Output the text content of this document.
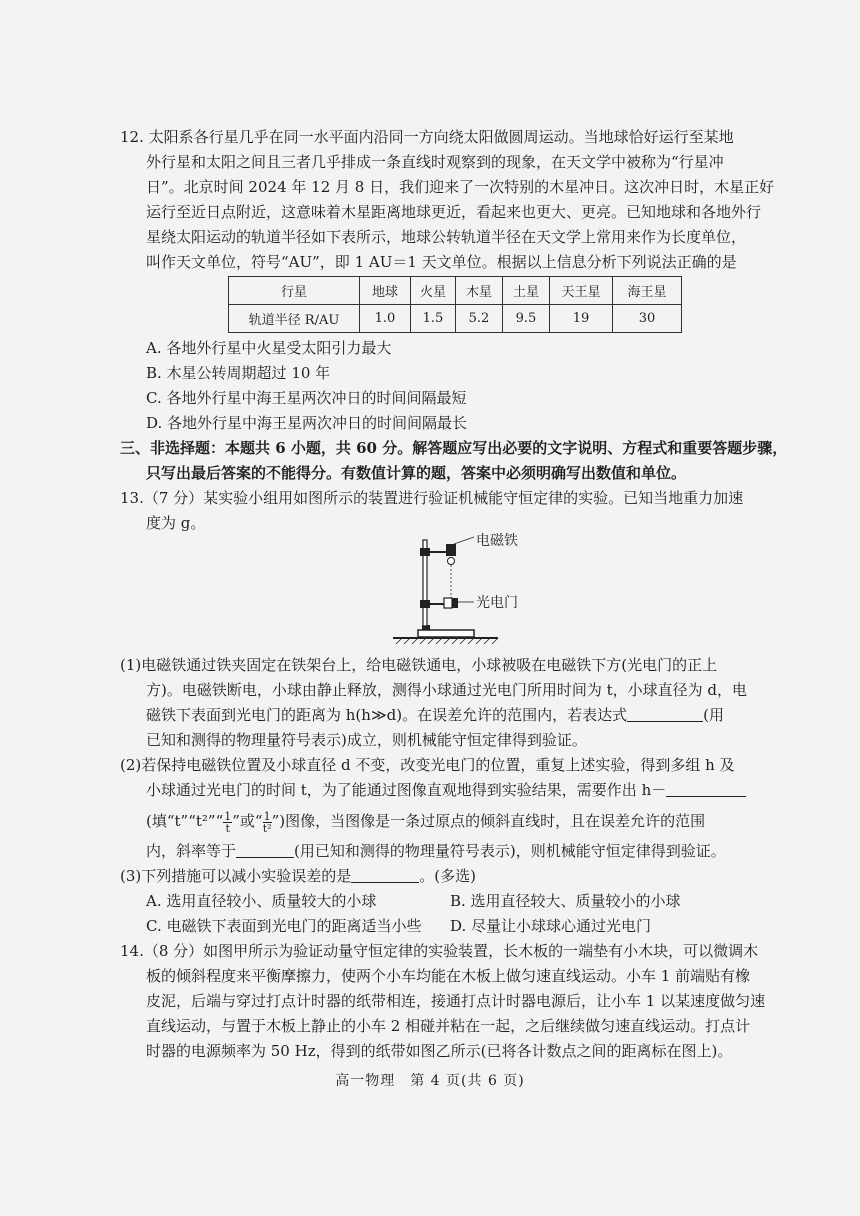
12. 太阳系各行星几乎在同一水平面内沿同一方向绕太阳做圆周运动。当地球恰好运行至某地

外行星和太阳之间且三者几乎排成一条直线时观察到的现象，在天文学中被称为“行星冲

日”。北京时间 2024 年 12 月 8 日，我们迎来了一次特别的木星冲日。这次冲日时，木星正好

运行至近日点附近，这意味着木星距离地球更近，看起来也更大、更亮。已知地球和各地外行

星绕太阳运动的轨道半径如下表所示，地球公转轨道半径在天文学上常用来作为长度单位，

行星	地球	火星	木星	土星	天王星	海王星
轨道半径 R/AU	1.0	1.5	5.2	9.5	19	30

A. 各地外行星中火星受太阳引力最大

B. 木星公转周期超过 10 年

C. 各地外行星中海王星两次冲日的时间间隔最短

D. 各地外行星中海王星两次冲日的时间间隔最长

三、非选择题：本题共 6 小题，共 60 分。解答题应写出必要的文字说明、方程式和重要答题步骤，

只写出最后答案的不能得分。有数值计算的题，答案中必须明确写出数值和单位。

13.（7 分）某实验小组用如图所示的装置进行验证机械能守恒定律的实验。已知当地重力加速

度为 g。

电磁铁
光电门

(1)电磁铁通过铁夹固定在铁架台上，给电磁铁通电，小球被吸在电磁铁下方(光电门的正上

方)。电磁铁断电，小球由静止释放，测得小球通过光电门所用时间为 t，小球直径为 d，电

磁铁下表面到光电门的距离为 h(h≫d)。在误差允许的范围内，若表达式	(用

已知和测得的物理量符号表示)成立，则机械能守恒定律得到验证。

(2)若保持电磁铁位置及小球直径 d 不变，改变光电门的位置，重复上述实验，得到多组 h 及

小球通过光电门的时间 t，为了能通过图像直观地得到实验结果，需要作出 h－

(填“t”“t²”“ $\frac{1}{t}$ ”或“ $\frac{1}{\text{t²}}$ ”)图像，当图像是一条过原点的倾斜直线时，且在误差允许的范围

内，斜率等于	(用已知和测得的物理量符号表示)，则机械能守恒定律得到验证。

(3)下列措施可以减小实验误差的是	。(多选)

A. 选用直径较小、质量较大的小球	B. 选用直径较大、质量较小的小球

C. 电磁铁下表面到光电门的距离适当小些 D. 尽量让小球球心通过光电门

14.（8 分）如图甲所示为验证动量守恒定律的实验装置，长木板的一端垫有小木块，可以微调木

板的倾斜程度来平衡摩擦力，使两个小车均能在木板上做匀速直线运动。小车 1 前端贴有橡

皮泥，后端与穿过打点计时器的纸带相连，接通打点计时器电源后，让小车 1 以某速度做匀速

直线运动，与置于木板上静止的小车 2 相碰并粘在一起，之后继续做匀速直线运动。打点计

时器的电源频率为 50 Hz，得到的纸带如图乙所示(已将各计数点之间的距离标在图上)。

高一物理　第 4 页(共 6 页)

叫作天文单位，符号“AU”，即 1 AU＝1 天文单位。根据以上信息分析下列说法正确的是
